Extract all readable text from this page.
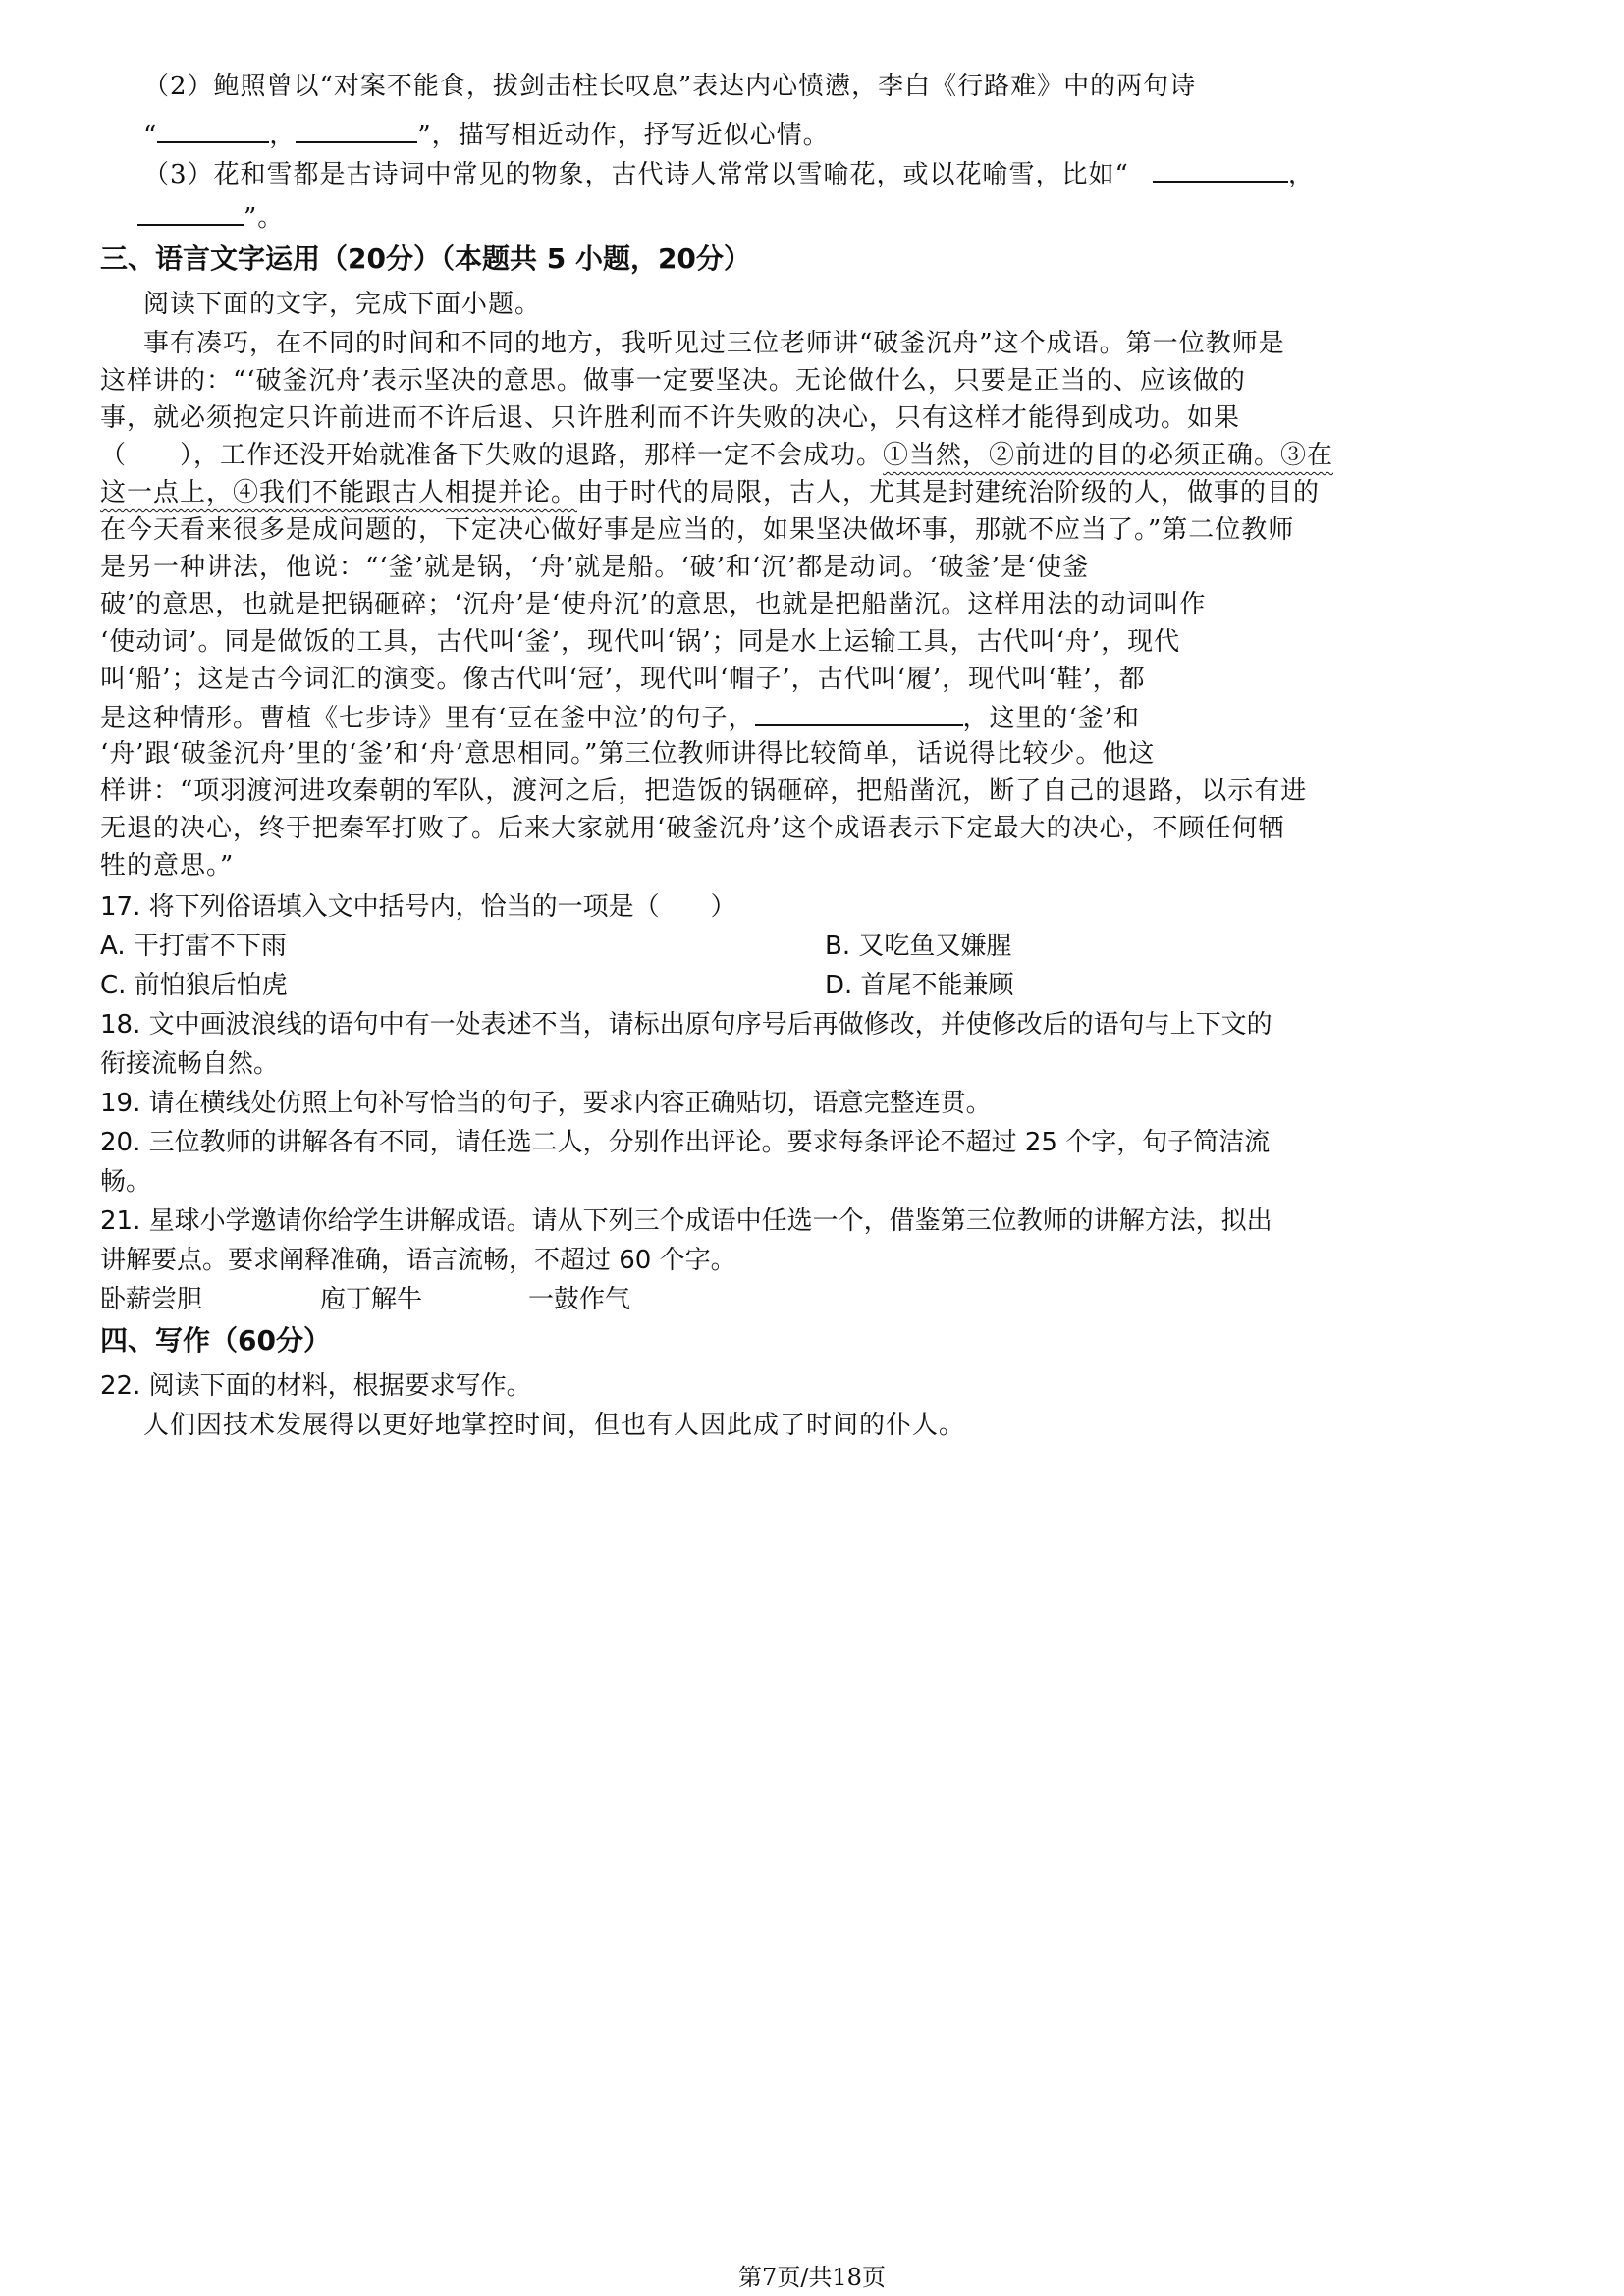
（2）鲍照曾以“对案不能食，拔剑击柱长叹息”表达内心愤懑，李白《行路难》中的两句诗
“	，	”，描写相近动作，抒写近似心情。
（3）花和雪都是古诗词中常见的物象，古代诗人常常以雪喻花，或以花喻雪，比如“	，
”。
三、语言文字运用（20分）（本题共 5 小题，20分）
阅读下面的文字，完成下面小题。
事有凑巧，在不同的时间和不同的地方，我听见过三位老师讲“破釜沉舟”这个成语。第一位教师是
这样讲的：“‘破釜沉舟’表示坚决的意思。做事一定要坚决。无论做什么，只要是正当的、应该做的
事，就必须抱定只许前进而不许后退、只许胜利而不许失败的决心，只有这样才能得到成功。如果
（　　），工作还没开始就准备下失败的退路，那样一定不会成功。①当然，②前进的目的必须正确。③在
这一点上，④我们不能跟古人相提并论。由于时代的局限，古人，尤其是封建统治阶级的人，做事的目的
在今天看来很多是成问题的，下定决心做好事是应当的，如果坚决做坏事，那就不应当了。”第二位教师
是另一种讲法，他说：“‘釜’就是锅，‘舟’就是船。‘破’和‘沉’都是动词。‘破釜’是‘使釜
破’的意思，也就是把锅砸碎；‘沉舟’是‘使舟沉’的意思，也就是把船凿沉。这样用法的动词叫作
‘使动词’。同是做饭的工具，古代叫‘釜’，现代叫‘锅’；同是水上运输工具，古代叫‘舟’，现代
叫‘船’；这是古今词汇的演变。像古代叫‘冠’，现代叫‘帽子’，古代叫‘履’，现代叫‘鞋’，都
是这种情形。曹植《七步诗》里有‘豆在釜中泣’的句子，	，这里的‘釜’和
‘舟’跟‘破釜沉舟’里的‘釜’和‘舟’意思相同。”第三位教师讲得比较简单，话说得比较少。他这
样讲：“项羽渡河进攻秦朝的军队，渡河之后，把造饭的锅砸碎，把船凿沉，断了自己的退路，以示有进
无退的决心，终于把秦军打败了。后来大家就用‘破釜沉舟’这个成语表示下定最大的决心，不顾任何牺
牲的意思。”
17. 将下列俗语填入文中括号内，恰当的一项是（　　）
A. 干打雷不下雨	B. 又吃鱼又嫌腥
C. 前怕狼后怕虎	D. 首尾不能兼顾
18. 文中画波浪线的语句中有一处表述不当，请标出原句序号后再做修改，并使修改后的语句与上下文的
衔接流畅自然。
19. 请在横线处仿照上句补写恰当的句子，要求内容正确贴切，语意完整连贯。
20. 三位教师的讲解各有不同，请任选二人，分别作出评论。要求每条评论不超过 25 个字，句子简洁流
畅。
21. 星球小学邀请你给学生讲解成语。请从下列三个成语中任选一个，借鉴第三位教师的讲解方法，拟出
讲解要点。要求阐释准确，语言流畅，不超过 60 个字。
卧薪尝胆	庖丁解牛	一鼓作气
四、写作（60分）
22. 阅读下面的材料，根据要求写作。
人们因技术发展得以更好地掌控时间，但也有人因此成了时间的仆人。
第7页/共18页
